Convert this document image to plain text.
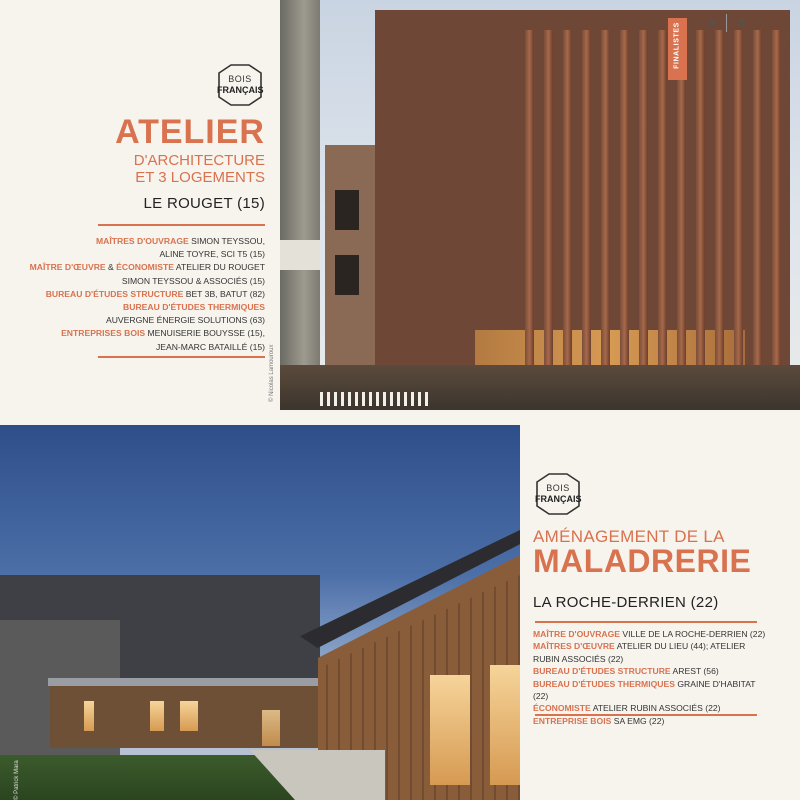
© Nicolas Lamouroux
FINALISTES	34	35
BOIS
FRANÇAIS
ATELIER
D'ARCHITECTURE
ET 3 LOGEMENTS
LE ROUGET (15)
MAÎTRES D'OUVRAGE SIMON TEYSSOU,
ALINE TOYRE, SCI T5 (15)
MAÎTRE D'ŒUVRE & ÉCONOMISTE ATELIER DU ROUGET
SIMON TEYSSOU & ASSOCIÉS (15)
BUREAU D'ÉTUDES STRUCTURE BET 3B, BATUT (82)
BUREAU D'ÉTUDES THERMIQUES
AUVERGNE ÉNERGIE SOLUTIONS (63)
ENTREPRISES BOIS MENUISERIE BOUYSSE (15),
JEAN-MARC BATAILLÉ (15)
© Patrick Mara
BOIS
FRANÇAIS
AMÉNAGEMENT DE LA
MALADRERIE
LA ROCHE-DERRIEN (22)
MAÎTRE D'OUVRAGE VILLE DE LA ROCHE-DERRIEN (22)
MAÎTRES D'ŒUVRE ATELIER DU LIEU (44); ATELIER
RUBIN ASSOCIÉS (22)
BUREAU D'ÉTUDES STRUCTURE AREST (56)
BUREAU D'ÉTUDES THERMIQUES GRAINE D'HABITAT (22)
ÉCONOMISTE ATELIER RUBIN ASSOCIÉS (22)
ENTREPRISE BOIS SA EMG (22)
